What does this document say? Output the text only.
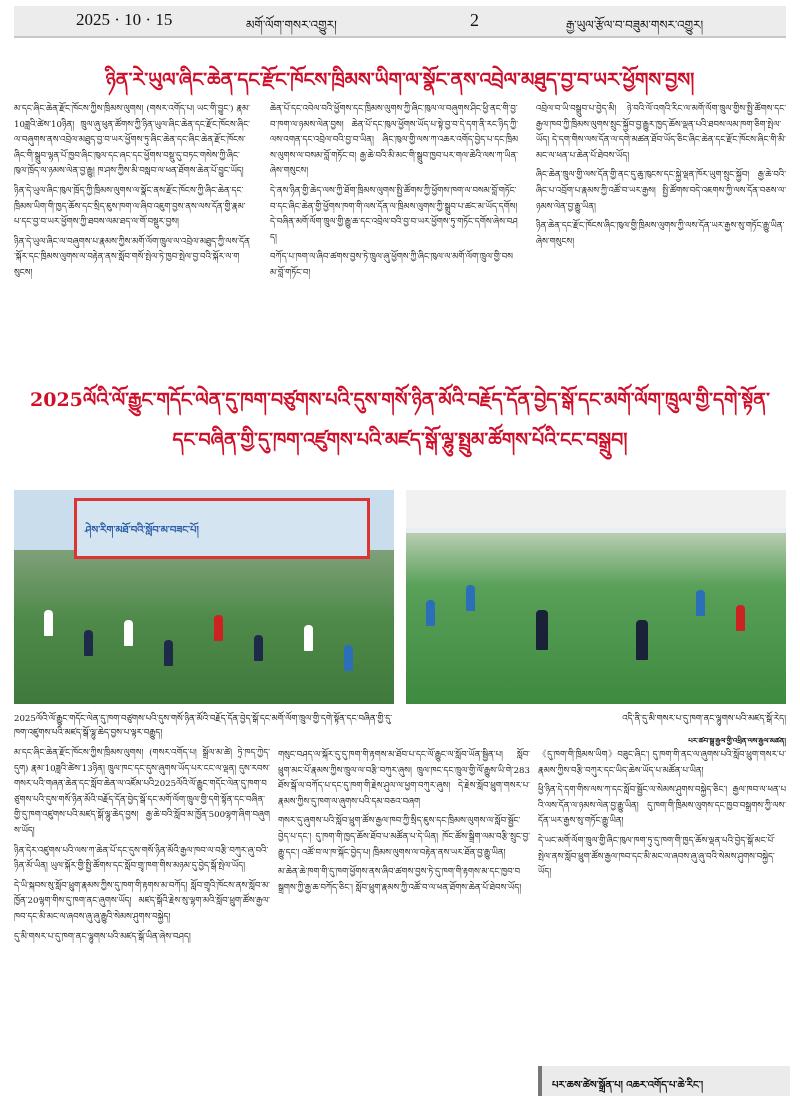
2025 · 10 · 15	མགོ་ལོག་གསར་འགྱུར།	2	རྒྱ་ཡུལ་རྩོལ་བ་བཟུམ་གསར་འགྱུར།
ཉིན་རེ་ཡུལ་ཞིང་ཆེན་དང་རྫོང་ཁོངས་ཁྲིམས་ཡིག་ལ་སྣོང་ནས་འབྲེལ་མཐུད་བྱ་བ་ཡར་ཕྱོགས་བྱས།

མ་དང་ཞིང་ཆེན་རྫོང་ཁོངས་ཀྱིས་ཁྲིམས་ལུགས། (གསར་འགོད་པ། ཡང་གི་བྱུང་) རྣམ་10ཟླའི་ཚེས་10ཉིན། ཁྲུལ་ཞུ་ཕུན་ཚོགས་ཀྱི་ཉིན་ཡུལ་ཞིང་ཆེན་དང་རྫོང་ཁོངས་ཞིང་ལ་བཞུགས་ནས་འབྲེལ་མཐུད་བྱ་བ་ཡར་ཕྱོགས་ཏུ་ཞིང་ཆེན་དང་ཞིང་ཆེན་རྫོང་ཁོངས་ཞིང་གི་སྒྲུབ་ལྷན་པོ་ཁྱབ་ཞིང་ཁུལ་དང་ཞང་དང་ཕྱོགས་བསྡུ་དུ་བཏང་གསེས་ཀྱི་ཞིང་ཁུལ་ཁྲོད་ལ་ཉམས་ལེན་བྱ་རྒྱུ། ཁ་ཤས་ཀྱིས་མི་བསླབ་ལ་ཕན་ཐོགས་ཆེན་པོ་བྱུང་ཡོད།

ཉིན་དེ་ཡུལ་ཞིང་ཁུལ་ཁྲོད་ཀྱི་ཁྲིམས་ལུགས་ལ་སྣོང་ནས་རྫོང་ཁོངས་ཀྱི་ཞིང་ཆེན་དང་ཁྲིམས་ཡིག་གི་ཁྱད་ཆོས་དང་སྲིད་ཇུས་ཁག་ལ་ཞིབ་འཇུག་བྱས་ནས་ལས་དོན་གྱི་རྣམ་པ་དང་བྱ་བ་ཡར་ཕྱོགས་ཀྱི་ཐབས་ལམ་ཐད་ལ་གོ་བསྡུར་བྱས།

ཉིན་དེ་ཡུལ་ཞིང་ལ་བཞུགས་པ་རྣམས་ཀྱིས་མགོ་ལོག་ཁྲུལ་ལ་འབྲེལ་མཐུད་ཀྱི་ལས་དོན་སྐོར་དང་ཁྲིམས་ལུགས་ལ་བརྟེན་ནས་སློབ་གསོ་སྤེལ་ཏེ་ཁྱབ་སྤེལ་བྱ་བའི་སྐོར་ལ་གསུངས།

ཆེན་པོ་དང་འབེལ་བའི་ཕྱོགས་དང་ཁྲིམས་ལུགས་ཀྱི་ཞིང་ཁུལ་ལ་བཞུགས་ཤིང་ཕྱི་ནང་གི་བྱ་བ་ཁག་ལ་ཉམས་ལེན་བྱས། ཆེན་པོ་དང་ཁུལ་ཕྱོགས་ཡོད་པ་སྟེ་བྱ་བ་དེ་དག་ནི་རང་ཉིད་ཀྱི་ལས་འགན་དང་འབྲེལ་བའི་བྱ་བ་ཡིན། ཞིང་ཁུལ་གྱི་ལས་ཀ་འཆར་འགོད་བྱེད་པ་དང་ཁྲིམས་ལུགས་ལ་བསམ་བློ་གཏོང་བ། རྒྱ་ཆེ་བའི་མི་མང་གི་སྒྲུབ་ཁྱབ་པར་གལ་ཆེའི་ལས་ཀ་ཡིན་ཞེས་གསུངས།

དེ་ནས་ཉིན་གྱི་ཆེད་ལས་ཀྱི་ཐོག་ཁྲིམས་ལུགས་སྤྱི་ཚོགས་ཀྱི་ཕྱོགས་ཁག་ལ་བསམ་བློ་གཏོང་བ་དང་ཞིང་ཆེན་གྱི་ཕྱོགས་ཁག་གི་ལས་དོན་ལ་ཁྲིམས་ལུགས་ཀྱི་སྒྲུབ་པ་ཚང་མ་ཡོད་དགོས། དེ་བཞིན་མགོ་ལོག་ཁྲུལ་གྱི་རྒྱུ་ཆ་དང་འབྲེལ་བའི་བྱ་བ་ཡར་ཕྱོགས་ཏུ་གཏོང་དགོས་ཞེས་བཤད།

བཀོད་པ་ཁག་ལ་ཞིབ་ཚགས་བྱས་ཏེ་ཁྲུལ་ཞུ་ཕྱོགས་ཀྱི་ཞིང་ཁུལ་ལ་མགོ་ལོག་ཁྲུལ་གྱི་བསམ་བློ་གཏོང་བ།

འབྲེལ་བ་ཡི་བསྒྲུབ་པ་བྱེད་མི། ཉེ་བའི་ལོ་འགའི་རིང་ལ་མགོ་ལོག་ཁྲུལ་གྱིས་སྤྱི་ཚོགས་དང་རྒྱལ་ཁབ་ཀྱི་ཁྲིམས་ལུགས་སྲུང་སྐྱོབ་བྱ་རྒྱུར་ཁྱད་ཆོས་ལྡན་པའི་ཐབས་ལམ་ཁག་ཅིག་སྤེལ་ཡོད། དེ་དག་གིས་ལས་དོན་ལ་དགེ་མཚན་ཐོབ་ཡོད་ཅིང་ཞིང་ཆེན་དང་རྫོང་ཁོངས་ཞིང་གི་མི་མང་ལ་ཕན་པ་ཆེན་པོ་ཐེབས་ཡོད།

ཞིང་ཆེན་ཁྲུལ་གྱི་ལས་དོན་གྱི་ནང་དུ་ཆུ་ཁུངས་དང་སྐྱེ་ལྡན་ཁོར་ཡུག་སྲུང་སྐྱོབ། རྒྱ་ཆེ་བའི་ཞིང་པ་འབྲོག་པ་རྣམས་ཀྱི་འཚོ་བ་ཡར་རྒྱས། སྤྱི་ཚོགས་བདེ་འཇགས་ཀྱི་ལས་དོན་བཅས་ལ་ཉམས་ལེན་བྱ་རྒྱུ་ཡིན།

ཉིན་ཆེན་དང་རྫོང་ཁོངས་ཞིང་ཁུལ་གྱི་ཁྲིམས་ལུགས་ཀྱི་ལས་དོན་ཡར་རྒྱས་སུ་གཏོང་རྒྱུ་ཡིན་ཞེས་གསུངས།

2025ལོའི་ལོ་རྒྱུང་གདོང་ལེན་དུ་ཁག་བཙུགས་པའི་དུས་གསོ་ཉིན་མོའི་བརྗོད་དོན་བྱེད་སྒོ་དང་མགོ་ལོག་ཁྲུལ་གྱི་དགེ་སྟོན་
དང་བཞིན་གྱི་དུ་ཁག་འཛུགས་པའི་མཛད་སྒོ་ལྷུ་སྤྲུམ་ཚོགས་པོའི་ངང་བསྒྲུབ།
ཤེས་རིག་མཐོ་བའི་སློབ་མ་བཟང་པོ།
2025ལོའི་ལོ་རྒྱུང་གདོང་ལེན་དུ་ཁག་བཙུགས་པའི་དུས་གསོ་ཉིན་མོའི་བརྗོད་དོན་བྱེད་སྒོ་དང་མགོ་ལོག་ཁྲུལ་གྱི་དགེ་སྟོན་དང་བཞིན་གྱི་དུ་ཁག་འཛུགས་པའི་མཛད་སྒོ་ལྷུ་ཆེད་བྱས་པ་ལྟར་བརྒྱུད།
འདི་ནི་དུ་མི་གསར་པ་དུ་ཁག་ནང་ལྷུགས་པའི་མཛད་སྒོ་རེད།
པར་ཚབ་སྒྲ་རྒྱལ་གྱི་འཕྲིན་ལས་རྒྱལ་མཚན།

མ་དང་ཞིང་ཆེན་རྫོང་ཁོངས་ཀྱིས་ཁྲིམས་ལུགས། (གསར་འགོད་པ། སྒྲོལ་མ་ཚེ། ཏྲེ་ཁད་ཀྱེད་དུག) རྣམ་10ཟླའི་ཚེས་13ཉིན། ཁྲུལ་ཁང་དང་དུས་ཞུགས་ཡོད་པར་ངང་ལ་ལྡན། དུས་རབས་གསར་པའི་གཞན་ཆེན་དང་སློབ་ཆེན་ལ་འཛོམ་པའི2025ལོའི་ལོ་རྒྱུང་གདོང་ལེན་དུ་ཁག་བཙུགས་པའི་དུས་གསོ་ཉིན་མོའི་བརྗོད་དོན་བྱེད་སྒོ་དང་མགོ་ལོག་ཁྲུལ་གྱི་དགེ་སྟོན་དང་བཞིན་གྱི་དུ་ཁག་འཛུགས་པའི་མཛད་སྒོ་ལྷུ་ཆེད་བྱས། རྒྱ་ཆེ་བའི་སློབ་མ་ཁྱོན་500ལྷག་ཞིག་བཞུགས་ཡོད།

ཉིན་དེར་འཛུགས་པའི་ལས་ཀ་ཆེན་པོ་དང་དུས་གསོ་ཉིན་མོའི་རྒྱལ་ཁབ་ལ་བརྩི་བཀུར་ཞུ་བའི་ཉིན་མོ་ཡིན། ཡུལ་སྐོར་གྱི་སྤྱི་ཚོགས་དང་སློབ་གྲྭ་ཁག་གིས་མཉམ་དུ་བྱེད་སྒོ་སྤེལ་ཡོད།

དེ་ཡི་སྐབས་སུ་སློབ་ཕྲུག་རྣམས་ཀྱིས་དུ་ཁག་གི་རྟགས་མ་བཀོད། སློབ་གྲྭའི་ཁོངས་ནས་སློབ་མ་ཁྱོན་20ལྷག་གིས་དུ་ཁག་ནང་ཞུགས་ཡོད། མཛད་སྒོའི་རྗེས་སུ་ལྷག་མའི་སློབ་ཕྲུག་ཚོས་རྒྱལ་ཁབ་དང་མི་མང་ལ་ཞབས་ཞུ་ཞུ་རྒྱུའི་སེམས་ཤུགས་བསྐྱེད།

དུ་མི་གསར་པ་དུ་ཁག་ནང་ལྷུགས་པའི་མཛད་སྒོ་ཡིན་ཞེས་བཤད།

གསུང་བཤད་ལ་སྐོར་དུ་དུ་ཁག་གི་རྟགས་མ་ཐོབ་པ་དང་ལོ་རྒྱུང་ལ་སློབ་ཡོན་སྦྱིན་པ། སློབ་ཕྲུག་མང་པོ་རྣམས་ཀྱིས་ཁྲུལ་ལ་བརྩི་བཀུར་ཞུས། ཁྲུལ་ཁང་དང་ཁྲུལ་གྱི་ལོ་རྒྱུས་ཡི་གེ་283 ཐོས་སྒོ་ལ་བཀོད་པ་དང་དུ་ཁག་གི་རྗེས་ཤུལ་ལ་ཕྱག་བཀུར་ཞུས། དེ་རྗེས་སློབ་ཕྲུག་གསར་པ་རྣམས་ཀྱིས་དུ་ཁག་ལ་ཞུགས་པའི་དམ་བཅའ་བཞག

གསར་དུ་ཞུགས་པའི་སློབ་ཕྲུག་ཚོས་རྒྱལ་ཁབ་ཀྱི་སྲིད་ཇུས་དང་ཁྲིམས་ལུགས་ལ་སློབ་སྦྱོང་བྱེད་པ་དང་། དུ་ཁག་གི་ཁྱད་ཆོས་ཐོབ་པ་མཚོན་པ་དེ་ཡིན། ཁོང་ཚོས་སྒྲིག་ལམ་བརྩི་སྲུང་བྱ་རྒྱུ་དང་། འཚོ་བ་ལ་ཁ་སྐོང་བྱེད་པ། ཁྲིམས་ལུགས་ལ་བརྟེན་ནས་ཡར་ཐོན་བྱ་རྒྱུ་ཡིན།

མ་ཆེན་ཆེ་ཁག་གི་དུ་ཁག་ཕྱོགས་ནས་ཞིབ་ཚགས་བྱས་ཏེ་དུ་ཁག་གི་རྟགས་མ་དང་ཁྱབ་བསྒྲགས་ཀྱི་རྒྱ་ཆ་བཀོད་ཅིང་། སློབ་ཕྲུག་རྣམས་ཀྱི་འཚོ་བ་ལ་ཕན་ཐོགས་ཆེན་པོ་ཐེབས་ཡོད།

《དུ་ཁག་གི་ཁྲིམས་ཡིག》བཟུང་ཞིང་། དུ་ཁག་གི་ནང་ལ་ཞུགས་པའི་སློབ་ཕྲུག་གསར་པ་རྣམས་ཀྱིས་བརྩི་བཀུར་དང་ཡིད་ཆེས་ཡོད་པ་མཚོན་པ་ཡིན།

ཕྱི་ཉིན་དེ་དག་གིས་ལས་ཀ་དང་སློབ་སྦྱོང་ལ་སེམས་ཤུགས་བསྐྱེད་ཅིང་། རྒྱལ་ཁབ་ལ་ཕན་པའི་ལས་དོན་ལ་ཉམས་ལེན་བྱ་རྒྱུ་ཡིན། དུ་ཁག་གི་ཁྲིམས་ལུགས་དང་ཁྱབ་བསྒྲགས་ཀྱི་ལས་དོན་ཡར་རྒྱས་སུ་གཏོང་རྒྱུ་ཡིན།

དེ་ཡང་མགོ་ལོག་ཁྲུལ་གྱི་ཞིང་ཁུལ་ཁག་ཏུ་དུ་ཁག་གི་ཁྱད་ཆོས་ལྡན་པའི་བྱེད་སྒོ་མང་པོ་སྤེལ་ནས་སློབ་ཕྲུག་ཚོས་རྒྱལ་ཁབ་དང་མི་མང་ལ་ཞབས་ཞུ་ཞུ་བའི་སེམས་ཤུགས་བསྐྱེད་ཡོད།

པར་ཆས་ཚེས་སྒྲོན་པ། འཆར་འགོད་པ་ཆེ་རིང་།
